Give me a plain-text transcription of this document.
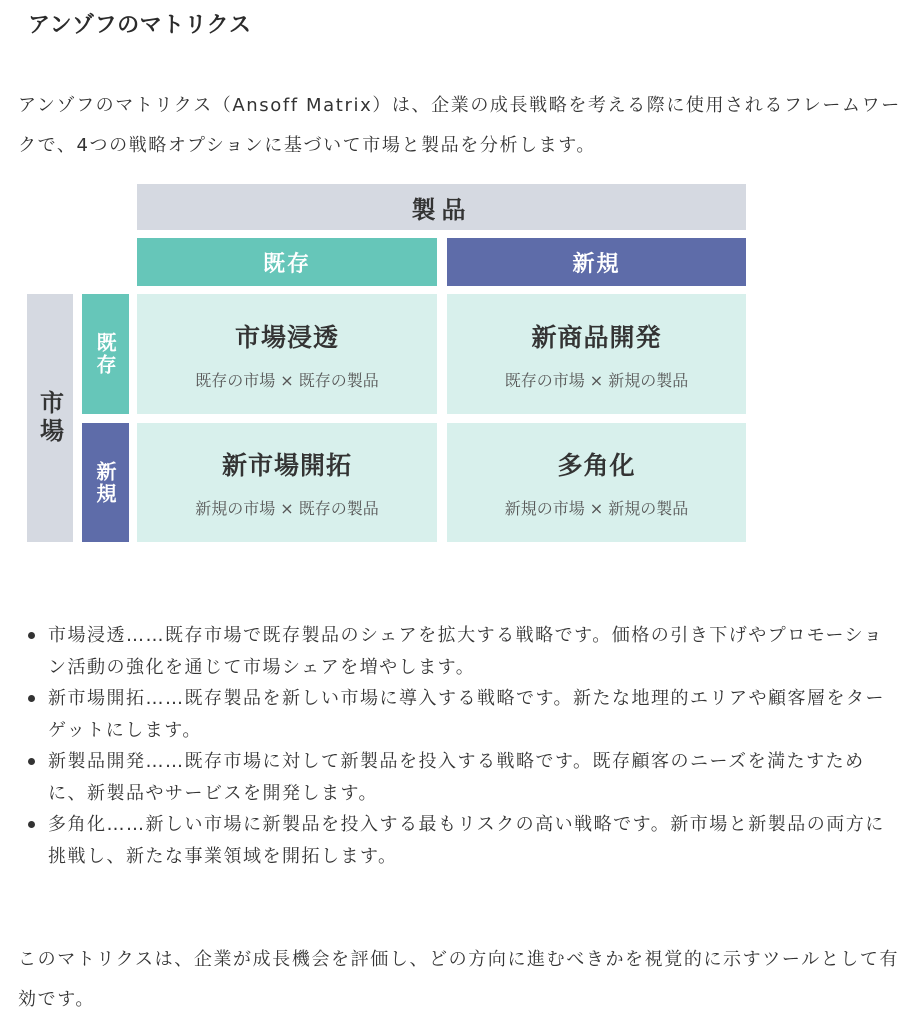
アンゾフのマトリクス

アンゾフのマトリクス（Ansoff Matrix）は、企業の成長戦略を考える際に使用されるフレームワークで、4つの戦略オプションに基づいて市場と製品を分析します。

製品
既存	新規
市場
既存
新規
市場浸透
既存の市場 × 既存の製品
新商品開発
既存の市場 × 新規の製品
新市場開拓
新規の市場 × 既存の製品
多角化
新規の市場 × 新規の製品
市場浸透……既存市場で既存製品のシェアを拡大する戦略です。価格の引き下げやプロモーション活動の強化を通じて市場シェアを増やします。
新市場開拓……既存製品を新しい市場に導入する戦略です。新たな地理的エリアや顧客層をターゲットにします。
新製品開発……既存市場に対して新製品を投入する戦略です。既存顧客のニーズを満たすために、新製品やサービスを開発します。
多角化……新しい市場に新製品を投入する最もリスクの高い戦略です。新市場と新製品の両方に挑戦し、新たな事業領域を開拓します。

このマトリクスは、企業が成長機会を評価し、どの方向に進むべきかを視覚的に示すツールとして有効です。
